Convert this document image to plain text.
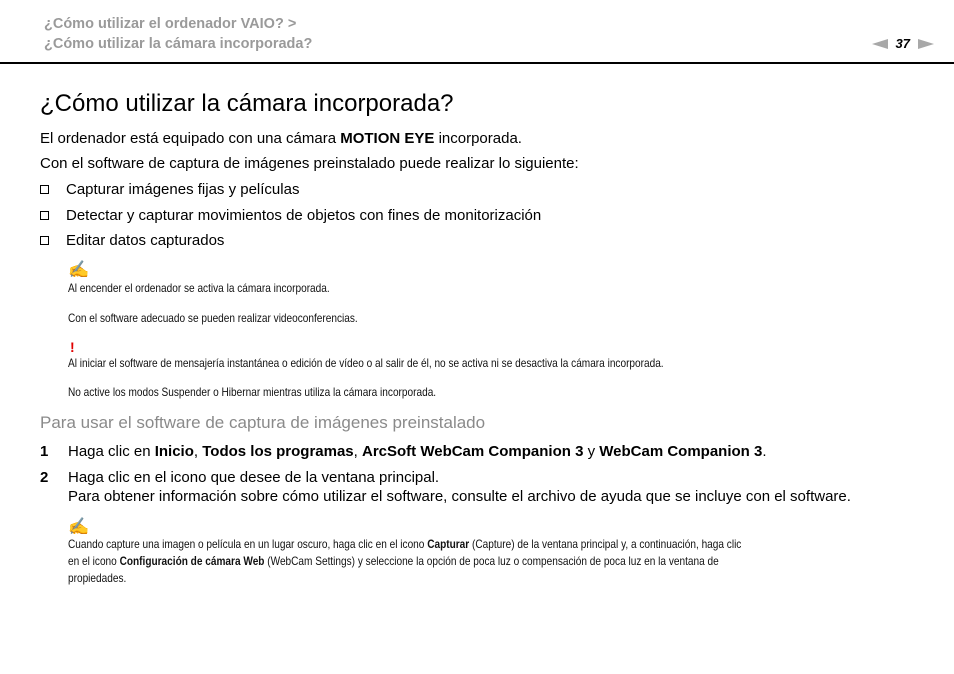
¿Cómo utilizar el ordenador VAIO? >
¿Cómo utilizar la cámara incorporada?	37
¿Cómo utilizar la cámara incorporada?
El ordenador está equipado con una cámara MOTION EYE incorporada.
Con el software de captura de imágenes preinstalado puede realizar lo siguiente:
Capturar imágenes fijas y películas
Detectar y capturar movimientos de objetos con fines de monitorización
Editar datos capturados
✍
Al encender el ordenador se activa la cámara incorporada.
Con el software adecuado se pueden realizar videoconferencias.
!
Al iniciar el software de mensajería instantánea o edición de vídeo o al salir de él, no se activa ni se desactiva la cámara incorporada.
No active los modos Suspender o Hibernar mientras utiliza la cámara incorporada.
Para usar el software de captura de imágenes preinstalado
1 Haga clic en Inicio, Todos los programas, ArcSoft WebCam Companion 3 y WebCam Companion 3.
2 Haga clic en el icono que desee de la ventana principal.
Para obtener información sobre cómo utilizar el software, consulte el archivo de ayuda que se incluye con el software.
✍
Cuando capture una imagen o película en un lugar oscuro, haga clic en el icono Capturar (Capture) de la ventana principal y, a continuación, haga clic
en el icono Configuración de cámara Web (WebCam Settings) y seleccione la opción de poca luz o compensación de poca luz en la ventana de
propiedades.
